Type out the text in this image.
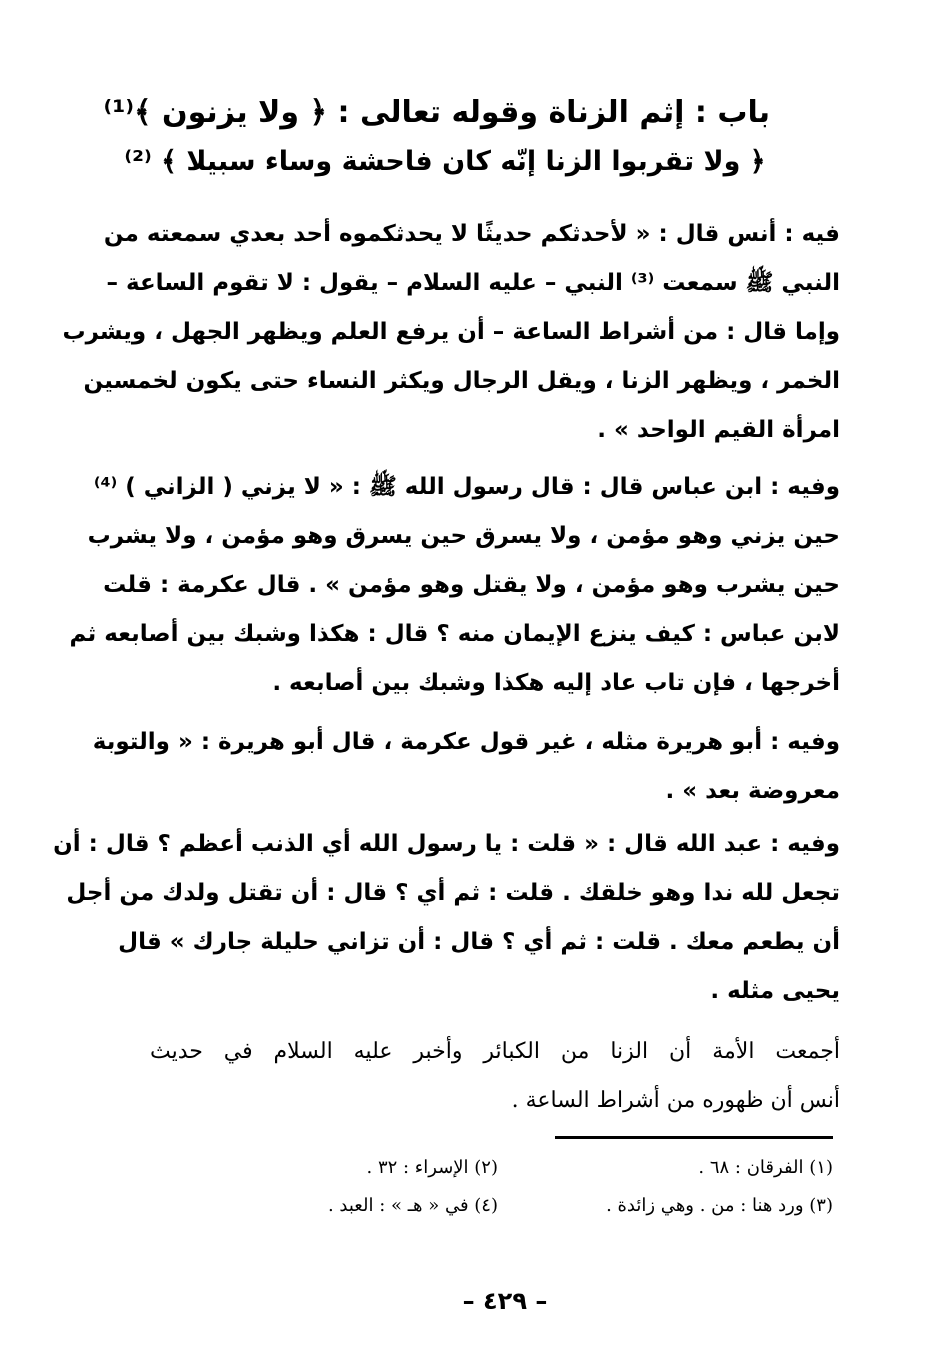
باب : إثم الزناة وقوله تعالى : ﴿ ولا يزنون ﴾⁽¹⁾
﴿ ولا تقربوا الزنا إنّه كان فاحشة وساء سبيلا ﴾ ⁽²⁾
فيه : أنس قال : « لأحدثكم حديثًا لا يحدثكموه أحد بعدي سمعته من
النبي ﷺ سمعت ⁽³⁾ النبي – عليه السلام – يقول : لا تقوم الساعة –
وإما قال : من أشراط الساعة – أن يرفع العلم ويظهر الجهل ، ويشرب
الخمر ، ويظهر الزنا ، ويقل الرجال ويكثر النساء حتى يكون لخمسين
امرأة القيم الواحد » .
وفيه : ابن عباس قال : قال رسول الله ﷺ : « لا يزني ( الزاني ) ⁽⁴⁾
حين يزني وهو مؤمن ، ولا يسرق حين يسرق وهو مؤمن ، ولا يشرب
حين يشرب وهو مؤمن ، ولا يقتل وهو مؤمن » . قال عكرمة : قلت
لابن عباس : كيف ينزع الإيمان منه ؟ قال : هكذا وشبك بين أصابعه ثم
أخرجها ، فإن تاب عاد إليه هكذا وشبك بين أصابعه .
وفيه : أبو هريرة مثله ، غير قول عكرمة ، قال أبو هريرة : « والتوبة
معروضة بعد » .
وفيه : عبد الله قال : « قلت : يا رسول الله أي الذنب أعظم ؟ قال : أن
تجعل لله ندا وهو خلقك . قلت : ثم أي ؟ قال : أن تقتل ولدك من أجل
أن يطعم معك . قلت : ثم أي ؟ قال : أن تزاني حليلة جارك » قال
يحيى مثله .
أجمعت الأمة أن الزنا من الكبائر وأخبر عليه السلام في حديث
أنس أن ظهوره من أشراط الساعة .
(١) الفرقان : ٦٨ .
(٢) الإسراء : ٣٢ .
(٣) ورد هنا : من . وهي زائدة .
(٤) في « هـ » : العبد .
– ٤٢٩ –
